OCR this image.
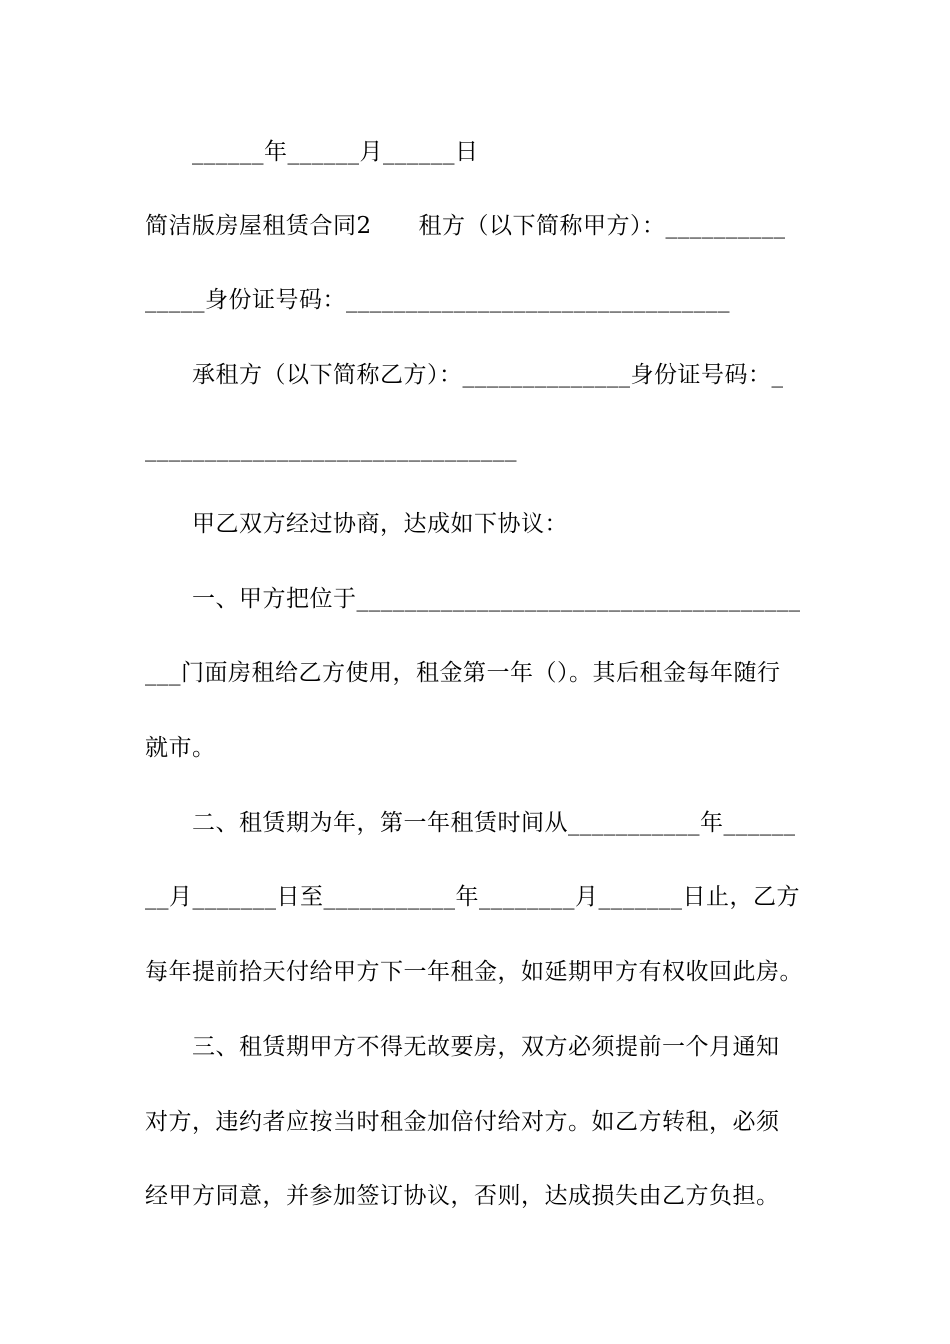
______年______月______日
简洁版房屋租赁合同2      租方（以下简称甲方）：__________
_____身份证号码：________________________________
承租方（以下简称乙方）：______________身份证号码：_
_______________________________
甲乙双方经过协商，达成如下协议：
一、甲方把位于_____________________________________
___门面房租给乙方使用，租金第一年（）。其后租金每年随行
就市。
二、租赁期为年，第一年租赁时间从___________年______
__月_______日至___________年________月_______日止，乙方
每年提前拾天付给甲方下一年租金，如延期甲方有权收回此房。
三、租赁期甲方不得无故要房，双方必须提前一个月通知
对方，违约者应按当时租金加倍付给对方。如乙方转租，必须
经甲方同意，并参加签订协议，否则，达成损失由乙方负担。
